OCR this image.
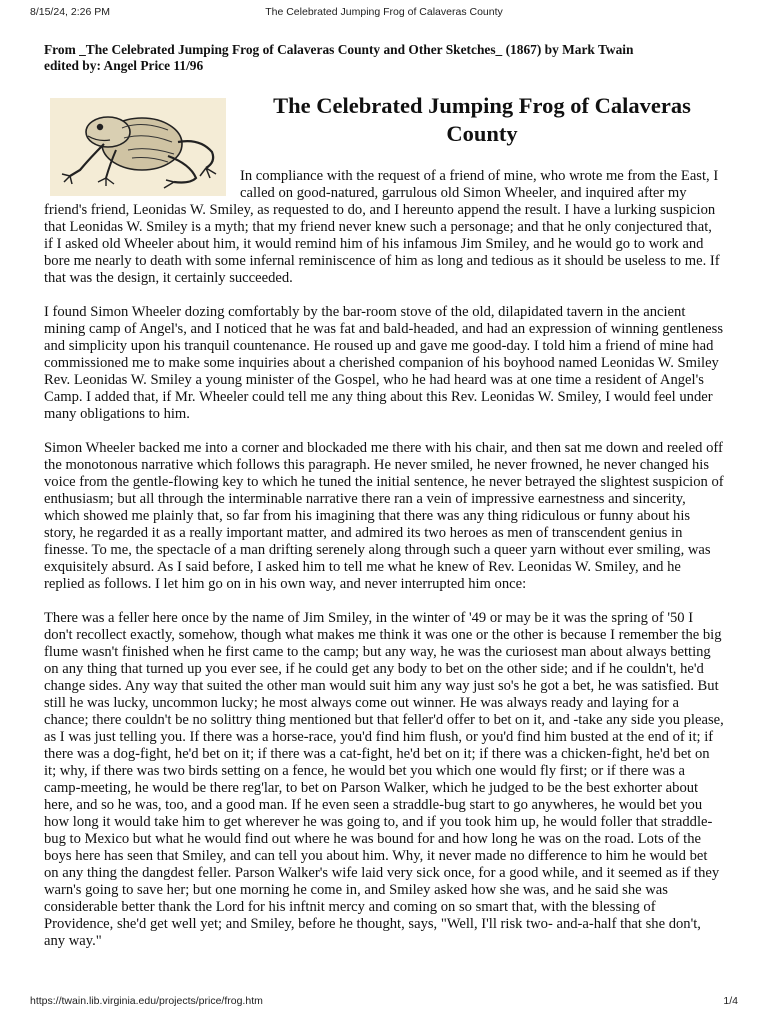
8/15/24, 2:26 PM	The Celebrated Jumping Frog of Calaveras County
From _The Celebrated Jumping Frog of Calaveras County and Other Sketches_ (1867) by Mark Twain
edited by: Angel Price 11/96
The Celebrated Jumping Frog of Calaveras County

In compliance with the request of a friend of mine, who wrote me from the East, I called on good-natured, garrulous old Simon Wheeler, and inquired after my friend's friend, Leonidas W. Smiley, as requested to do, and I hereunto append the result. I have a lurking suspicion that Leonidas W. Smiley is a myth; that my friend never knew such a personage; and that he only conjectured that, if I asked old Wheeler about him, it would remind him of his infamous Jim Smiley, and he would go to work and bore me nearly to death with some infernal reminiscence of him as long and tedious as it should be useless to me. If that was the design, it certainly succeeded.

I found Simon Wheeler dozing comfortably by the bar-room stove of the old, dilapidated tavern in the ancient mining camp of Angel's, and I noticed that he was fat and bald-headed, and had an expression of winning gentleness and simplicity upon his tranquil countenance. He roused up and gave me good-day. I told him a friend of mine had commissioned me to make some inquiries about a cherished companion of his boyhood named Leonidas W. Smiley Rev. Leonidas W. Smiley a young minister of the Gospel, who he had heard was at one time a resident of Angel's Camp. I added that, if Mr. Wheeler could tell me any thing about this Rev. Leonidas W. Smiley, I would feel under many obligations to him.

Simon Wheeler backed me into a corner and blockaded me there with his chair, and then sat me down and reeled off the monotonous narrative which follows this paragraph. He never smiled, he never frowned, he never changed his voice from the gentle-flowing key to which he tuned the initial sentence, he never betrayed the slightest suspicion of enthusiasm; but all through the interminable narrative there ran a vein of impressive earnestness and sincerity, which showed me plainly that, so far from his imagining that there was any thing ridiculous or funny about his story, he regarded it as a really important matter, and admired its two heroes as men of transcendent genius in finesse. To me, the spectacle of a man drifting serenely along through such a queer yarn without ever smiling, was exquisitely absurd. As I said before, I asked him to tell me what he knew of Rev. Leonidas W. Smiley, and he replied as follows. I let him go on in his own way, and never interrupted him once:

There was a feller here once by the name of Jim Smiley, in the winter of '49 or may be it was the spring of '50 I don't recollect exactly, somehow, though what makes me think it was one or the other is because I remember the big flume wasn't finished when he first came to the camp; but any way, he was the curiosest man about always betting on any thing that turned up you ever see, if he could get any body to bet on the other side; and if he couldn't, he'd change sides. Any way that suited the other man would suit him any way just so's he got a bet, he was satisfied. But still he was lucky, uncommon lucky; he most always come out winner. He was always ready and laying for a chance; there couldn't be no solittry thing mentioned but that feller'd offer to bet on it, and -take any side you please, as I was just telling you. If there was a horse-race, you'd find him flush, or you'd find him busted at the end of it; if there was a dog-fight, he'd bet on it; if there was a cat-fight, he'd bet on it; if there was a chicken-fight, he'd bet on it; why, if there was two birds setting on a fence, he would bet you which one would fly first; or if there was a camp-meeting, he would be there reg'lar, to bet on Parson Walker, which he judged to be the best exhorter about here, and so he was, too, and a good man. If he even seen a straddle-bug start to go anywheres, he would bet you how long it would take him to get wherever he was going to, and if you took him up, he would foller that straddle-bug to Mexico but what he would find out where he was bound for and how long he was on the road. Lots of the boys here has seen that Smiley, and can tell you about him. Why, it never made no difference to him he would bet on any thing the dangdest feller. Parson Walker's wife laid very sick once, for a good while, and it seemed as if they warn's going to save her; but one morning he come in, and Smiley asked how she was, and he said she was considerable better thank the Lord for his inftnit mercy and coming on so smart that, with the blessing of Providence, she'd get well yet; and Smiley, before he thought, says, "Well, I'll risk two- and-a-half that she don't, any way."

https://twain.lib.virginia.edu/projects/price/frog.htm	1/4
